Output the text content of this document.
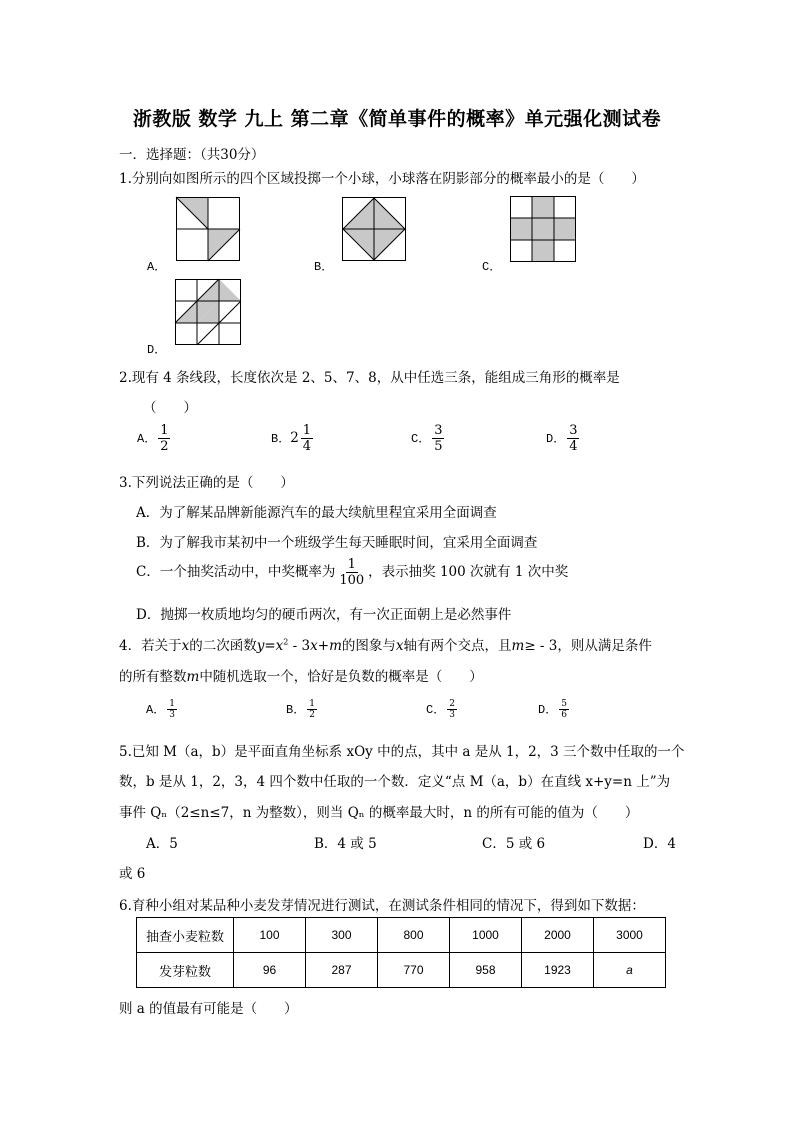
浙教版 数学 九上 第二章《简单事件的概率》单元强化测试卷
一．选择题：（共30分）
1.分别向如图所示的四个区域投掷一个小球，小球落在阴影部分的概率最小的是（　　）
A．	B．	C．
D．
2.现有 4 条线段，长度依次是 2、5、7、8，从中任选三条，能组成三角形的概率是
（　　）
A． $\frac{1}{2}$	B．$2 \frac{1}{4}$	C． $\frac{3}{5}$	D． $\frac{3}{4}$
3.下列说法正确的是（　　）
A．为了解某品牌新能源汽车的最大续航里程宜采用全面调查
B．为了解我市某初中一个班级学生每天睡眠时间，宜采用全面调查
C．一个抽奖活动中，中奖概率为 $\frac{1}{100}$ ，表示抽奖 100 次就有 1 次中奖
D．抛掷一枚质地均匀的硬币两次，有一次正面朝上是必然事件
4．若关于x的二次函数$y=x^2 - 3x+m$的图象与x轴有两个交点，且m≥ - 3，则从满足条件
的所有整数m中随机选取一个，恰好是负数的概率是（　　）
A． $\frac{1}{3}$	B． $\frac{1}{2}$	C． $\frac{2}{3}$	D． $\frac{5}{6}$
5.已知 M（a，b）是平面直角坐标系 xOy 中的点，其中 a 是从 1，2，3 三个数中任取的一个
数，b 是从 1，2，3，4 四个数中任取的一个数．定义“点 M（a，b）在直线 x+y=n 上”为
事件 Qₙ（2≤n≤7，n 为整数），则当 Qₙ 的概率最大时，n 的所有可能的值为（　　）
A．5	B．4 或 5	C．5 或 6	D．4
或 6
6.育种小组对某品种小麦发芽情况进行测试，在测试条件相同的情况下，得到如下数据：
抽查小麦粒数	100	300	800	1000	2000	3000
发芽粒数	96	287	770	958	1923	a
则 a 的值最有可能是（　　）
